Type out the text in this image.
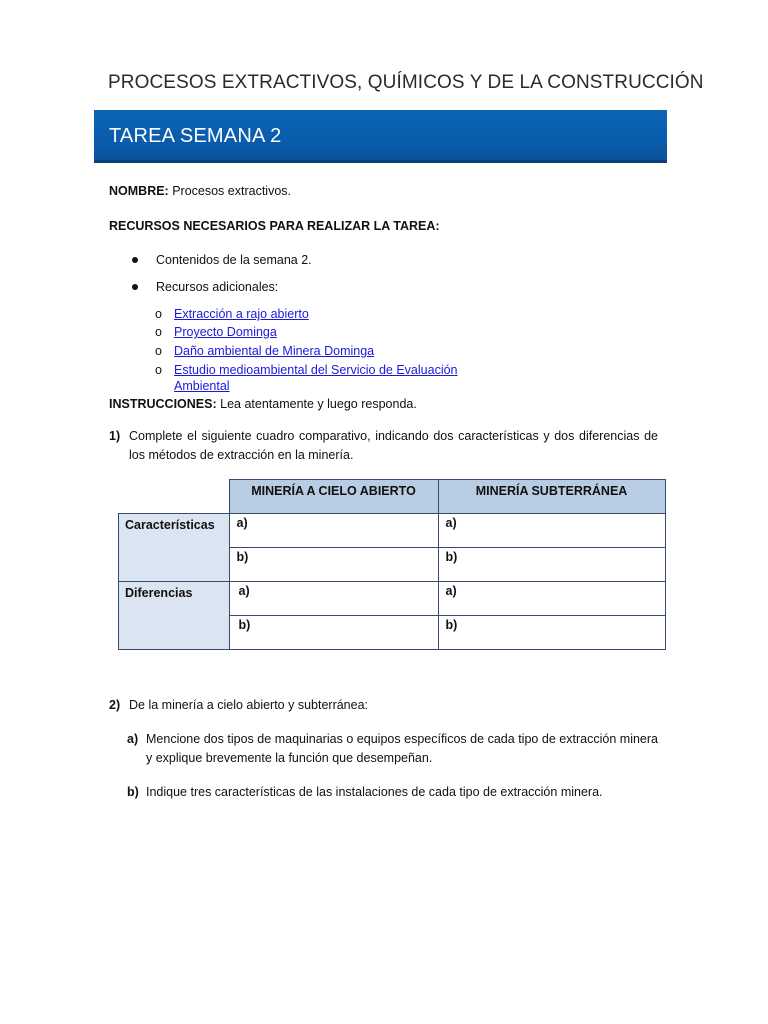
PROCESOS EXTRACTIVOS, QUÍMICOS Y DE LA CONSTRUCCIÓN
TAREA SEMANA 2
NOMBRE: Procesos extractivos.
RECURSOS NECESARIOS PARA REALIZAR LA TAREA:
Contenidos de la semana 2.
Recursos adicionales:
o Extracción a rajo abierto
o Proyecto Dominga
o Daño ambiental de Minera Dominga
o Estudio medioambiental del Servicio de Evaluación
Ambiental
INSTRUCCIONES: Lea atentamente y luego responda.
1) Complete el siguiente cuadro comparativo, indicando dos características y dos diferencias de los métodos de extracción en la minería.
	MINERÍA A CIELO ABIERTO	MINERÍA SUBTERRÁNEA
Características	a)	a)
	b)	b)
Diferencias	a)	a)
	b)	b)
2) De la minería a cielo abierto y subterránea:
a) Mencione dos tipos de maquinarias o equipos específicos de cada tipo de extracción minera y explique brevemente la función que desempeñan.
b) Indique tres características de las instalaciones de cada tipo de extracción minera.
